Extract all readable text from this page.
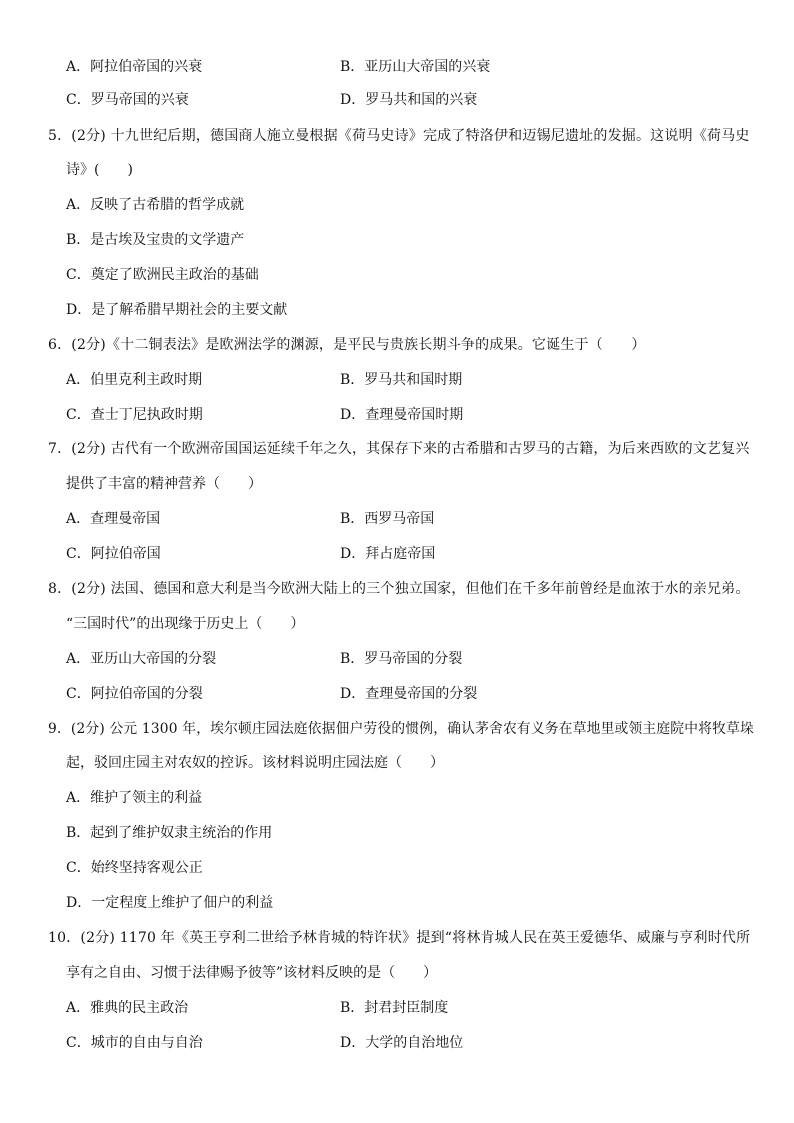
A．阿拉伯帝国的兴衰	B．亚历山大帝国的兴衰
C．罗马帝国的兴衰	D．罗马共和国的兴衰
5．(2分) 十九世纪后期，德国商人施立曼根据《荷马史诗》完成了特洛伊和迈锡尼遗址的发掘。这说明《荷马史
诗》(　　)
A．反映了古希腊的哲学成就
B．是古埃及宝贵的文学遗产
C．奠定了欧洲民主政治的基础
D．是了解希腊早期社会的主要文献
6．(2分)《十二铜表法》是欧洲法学的渊源，是平民与贵族长期斗争的成果。它诞生于（　　）
A．伯里克利主政时期	B．罗马共和国时期
C．查士丁尼执政时期	D．查理曼帝国时期
7．(2分) 古代有一个欧洲帝国国运延续千年之久，其保存下来的古希腊和古罗马的古籍，为后来西欧的文艺复兴
提供了丰富的精神营养（　　）
A．查理曼帝国	B．西罗马帝国
C．阿拉伯帝国	D．拜占庭帝国
8．(2分) 法国、德国和意大利是当今欧洲大陆上的三个独立国家，但他们在千多年前曾经是血浓于水的亲兄弟。
“三国时代”的出现缘于历史上（　　）
A．亚历山大帝国的分裂	B．罗马帝国的分裂
C．阿拉伯帝国的分裂	D．查理曼帝国的分裂
9．(2分) 公元 1300 年，埃尔顿庄园法庭依据佃户劳役的惯例，确认茅舍农有义务在草地里或领主庭院中将牧草垛
起，驳回庄园主对农奴的控诉。该材料说明庄园法庭（　　）
A．维护了领主的利益
B．起到了维护奴隶主统治的作用
C．始终坚持客观公正
D．一定程度上维护了佃户的利益
10．(2分) 1170 年《英王亨利二世给予林肯城的特许状》提到“将林肯城人民在英王爱德华、威廉与亨利时代所
享有之自由、习惯于法律赐予彼等”该材料反映的是（　　）
A．雅典的民主政治	B．封君封臣制度
C．城市的自由与自治	D．大学的自治地位
